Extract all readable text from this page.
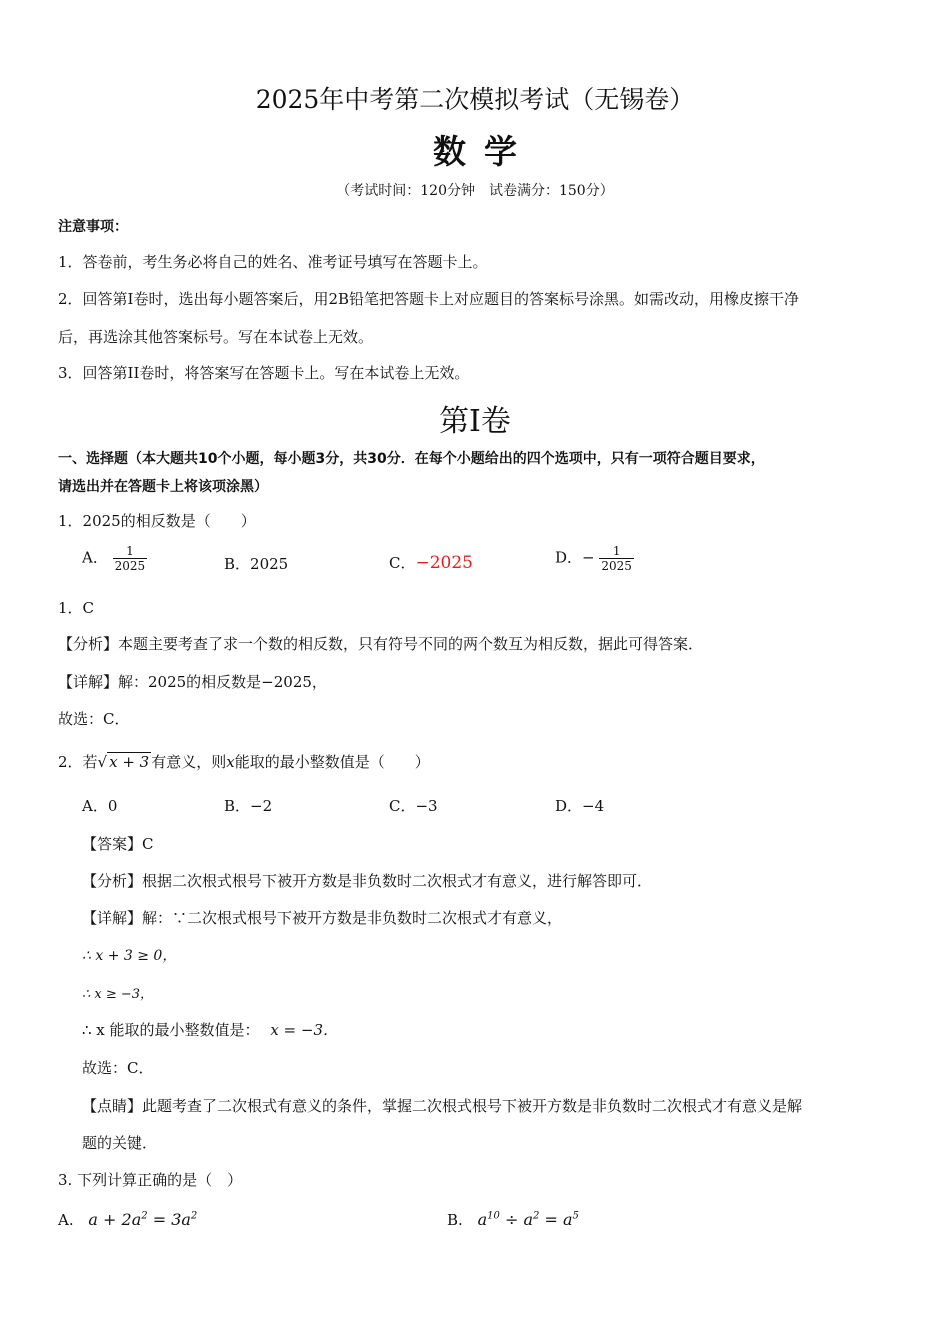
2025年中考第二次模拟考试（无锡卷）
数学
（考试时间：120分钟　试卷满分：150分）
注意事项：
1．答卷前，考生务必将自己的姓名、准考证号填写在答题卡上。
2．回答第I卷时，选出每小题答案后，用2B铅笔把答题卡上对应题目的答案标号涂黑。如需改动，用橡皮擦干净
后，再选涂其他答案标号。写在本试卷上无效。
3．回答第II卷时，将答案写在答题卡上。写在本试卷上无效。
第I卷
一、选择题（本大题共10个小题，每小题3分，共30分．在每个小题给出的四个选项中，只有一项符合题目要求，
请选出并在答题卡上将该项涂黑）
1．2025的相反数是（　　）
A． $\frac{1}{2025}$	B．2025	C．−2025	D．− $\frac{1}{2025}$
1．C
【分析】本题主要考查了求一个数的相反数，只有符号不同的两个数互为相反数，据此可得答案．
【详解】解：2025的相反数是−2025，
故选：C．
2．若√ x + 3 有意义，则x能取的最小整数值是（　　）
A．0	B．−2	C．−3	D．−4
【答案】C
【分析】根据二次根式根号下被开方数是非负数时二次根式才有意义，进行解答即可．
【详解】解：∵二次根式根号下被开方数是非负数时二次根式才有意义，
∴ x + 3 ≥ 0，
∴ x ≥ −3，
∴ x 能取的最小整数值是： x = −3．
故选：C．
【点睛】此题考查了二次根式有意义的条件，掌握二次根式根号下被开方数是非负数时二次根式才有意义是解
题的关键．
3. 下列计算正确的是（　）
A. $a + 2a^2 = 3a^2$	B. $a^{10} \div a^2 = a^5$
